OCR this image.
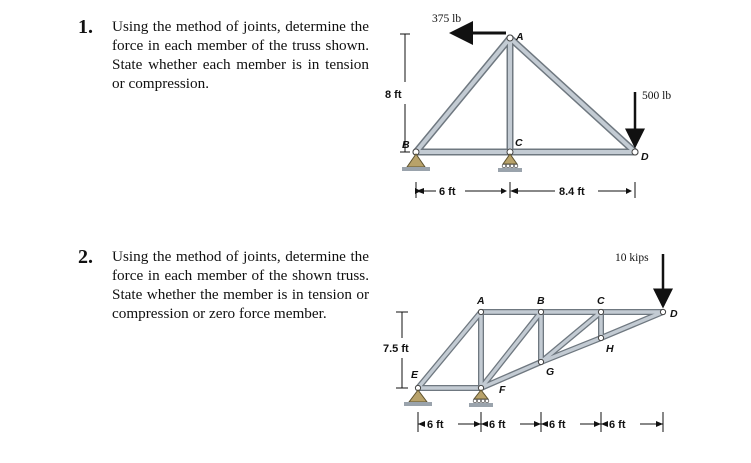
1. Using the method of joints, determine the force in each member of the truss shown. State whether each member is in tension or compression.
2. Using the method of joints, determine the force in each member of the shown truss. State whether the member is in tension or compression or zero force member.
375 lb
500 lb
8 ft
6 ft	8.4 ft
A
B	C
D
10 kips
7.5 ft
6 ft	6 ft	6 ft	6 ft
A	B	C
D
E
F
G
H
